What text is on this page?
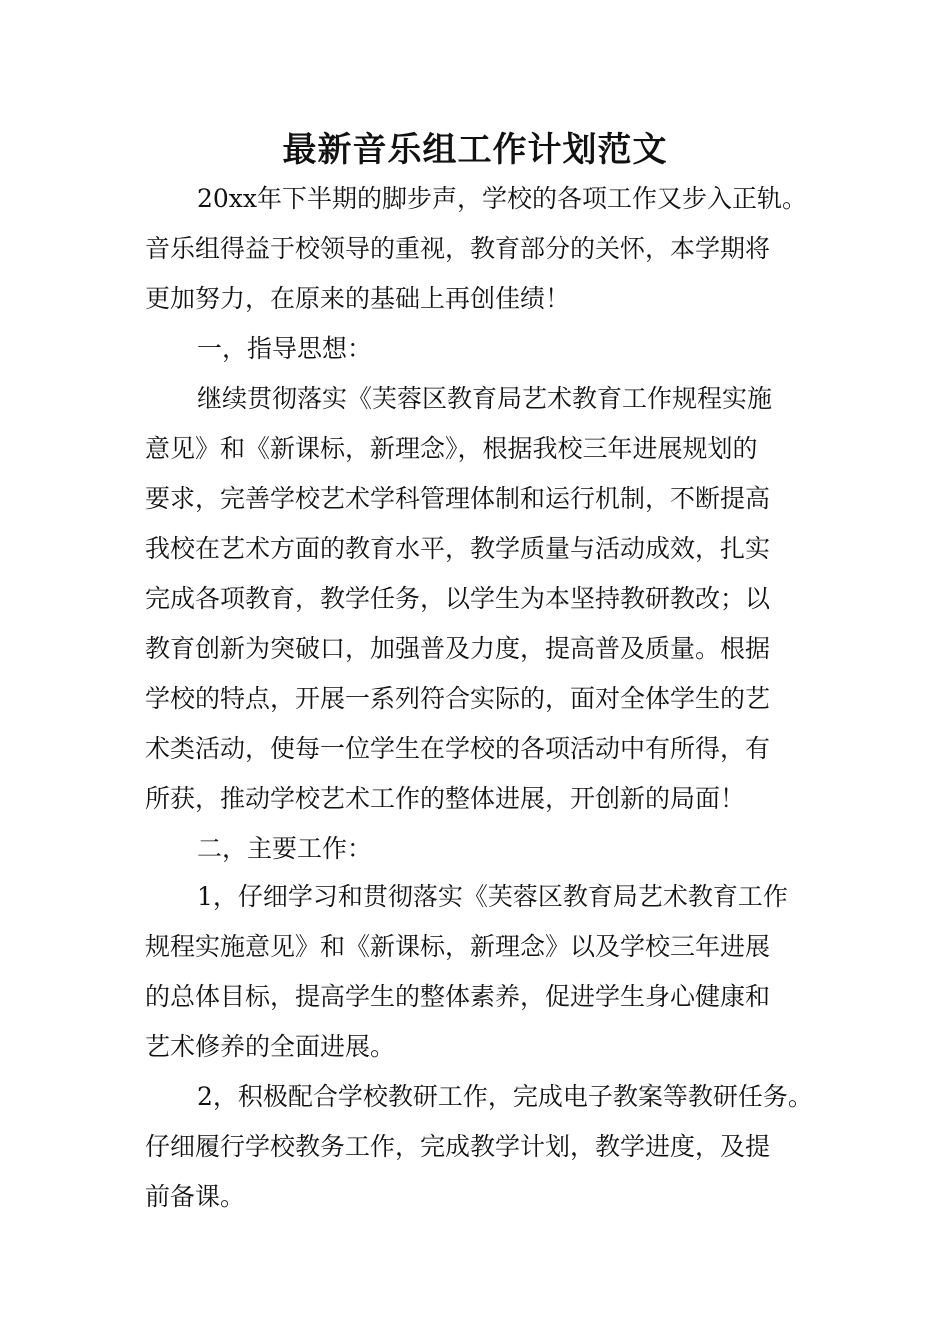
最新音乐组工作计划范文

20xx年下半期的脚步声，学校的各项工作又步入正轨。

音乐组得益于校领导的重视，教育部分的关怀，本学期将

更加努力，在原来的基础上再创佳绩！

一，指导思想：

继续贯彻落实《芙蓉区教育局艺术教育工作规程实施

意见》和《新课标，新理念》，根据我校三年进展规划的

要求，完善学校艺术学科管理体制和运行机制，不断提高

我校在艺术方面的教育水平，教学质量与活动成效，扎实

完成各项教育，教学任务，以学生为本坚持教研教改；以

教育创新为突破口，加强普及力度，提高普及质量。根据

学校的特点，开展一系列符合实际的，面对全体学生的艺

术类活动，使每一位学生在学校的各项活动中有所得，有

所获，推动学校艺术工作的整体进展，开创新的局面！

二，主要工作：

1，仔细学习和贯彻落实《芙蓉区教育局艺术教育工作

规程实施意见》和《新课标，新理念》以及学校三年进展

的总体目标，提高学生的整体素养，促进学生身心健康和

艺术修养的全面进展。

2，积极配合学校教研工作，完成电子教案等教研任务。

仔细履行学校教务工作，完成教学计划，教学进度，及提

前备课。
